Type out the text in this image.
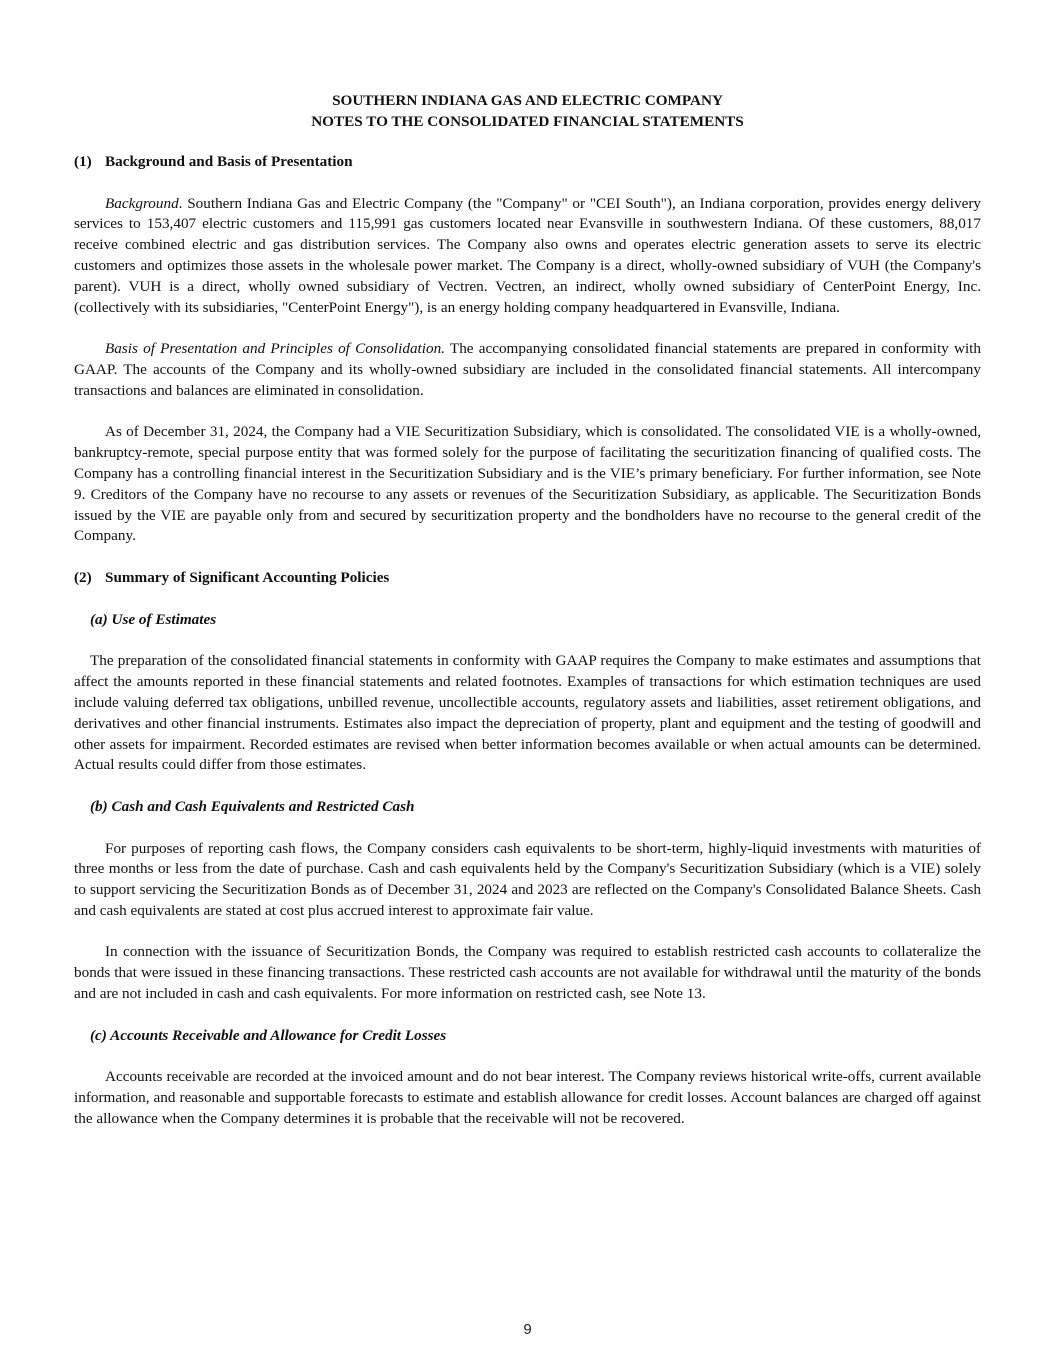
SOUTHERN INDIANA GAS AND ELECTRIC COMPANY

NOTES TO THE CONSOLIDATED FINANCIAL STATEMENTS

(1) Background and Basis of Presentation

Background. Southern Indiana Gas and Electric Company (the "Company" or "CEI South"), an Indiana corporation, provides energy delivery services to 153,407 electric customers and 115,991 gas customers located near Evansville in southwestern Indiana. Of these customers, 88,017 receive combined electric and gas distribution services. The Company also owns and operates electric generation assets to serve its electric customers and optimizes those assets in the wholesale power market. The Company is a direct, wholly-owned subsidiary of VUH (the Company's parent). VUH is a direct, wholly owned subsidiary of Vectren. Vectren, an indirect, wholly owned subsidiary of CenterPoint Energy, Inc. (collectively with its subsidiaries, "CenterPoint Energy"), is an energy holding company headquartered in Evansville, Indiana.

Basis of Presentation and Principles of Consolidation. The accompanying consolidated financial statements are prepared in conformity with GAAP. The accounts of the Company and its wholly-owned subsidiary are included in the consolidated financial statements. All intercompany transactions and balances are eliminated in consolidation.

As of December 31, 2024, the Company had a VIE Securitization Subsidiary, which is consolidated. The consolidated VIE is a wholly-owned, bankruptcy-remote, special purpose entity that was formed solely for the purpose of facilitating the securitization financing of qualified costs. The Company has a controlling financial interest in the Securitization Subsidiary and is the VIE’s primary beneficiary. For further information, see Note 9. Creditors of the Company have no recourse to any assets or revenues of the Securitization Subsidiary, as applicable. The Securitization Bonds issued by the VIE are payable only from and secured by securitization property and the bondholders have no recourse to the general credit of the Company.

(2) Summary of Significant Accounting Policies

(a) Use of Estimates

The preparation of the consolidated financial statements in conformity with GAAP requires the Company to make estimates and assumptions that affect the amounts reported in these financial statements and related footnotes. Examples of transactions for which estimation techniques are used include valuing deferred tax obligations, unbilled revenue, uncollectible accounts, regulatory assets and liabilities, asset retirement obligations, and derivatives and other financial instruments. Estimates also impact the depreciation of property, plant and equipment and the testing of goodwill and other assets for impairment. Recorded estimates are revised when better information becomes available or when actual amounts can be determined. Actual results could differ from those estimates.

(b) Cash and Cash Equivalents and Restricted Cash

For purposes of reporting cash flows, the Company considers cash equivalents to be short-term, highly-liquid investments with maturities of three months or less from the date of purchase. Cash and cash equivalents held by the Company's Securitization Subsidiary (which is a VIE) solely to support servicing the Securitization Bonds as of December 31, 2024 and 2023 are reflected on the Company's Consolidated Balance Sheets. Cash and cash equivalents are stated at cost plus accrued interest to approximate fair value.

In connection with the issuance of Securitization Bonds, the Company was required to establish restricted cash accounts to collateralize the bonds that were issued in these financing transactions. These restricted cash accounts are not available for withdrawal until the maturity of the bonds and are not included in cash and cash equivalents. For more information on restricted cash, see Note 13.

(c) Accounts Receivable and Allowance for Credit Losses

Accounts receivable are recorded at the invoiced amount and do not bear interest. The Company reviews historical write-offs, current available information, and reasonable and supportable forecasts to estimate and establish allowance for credit losses. Account balances are charged off against the allowance when the Company determines it is probable that the receivable will not be recovered.

9
